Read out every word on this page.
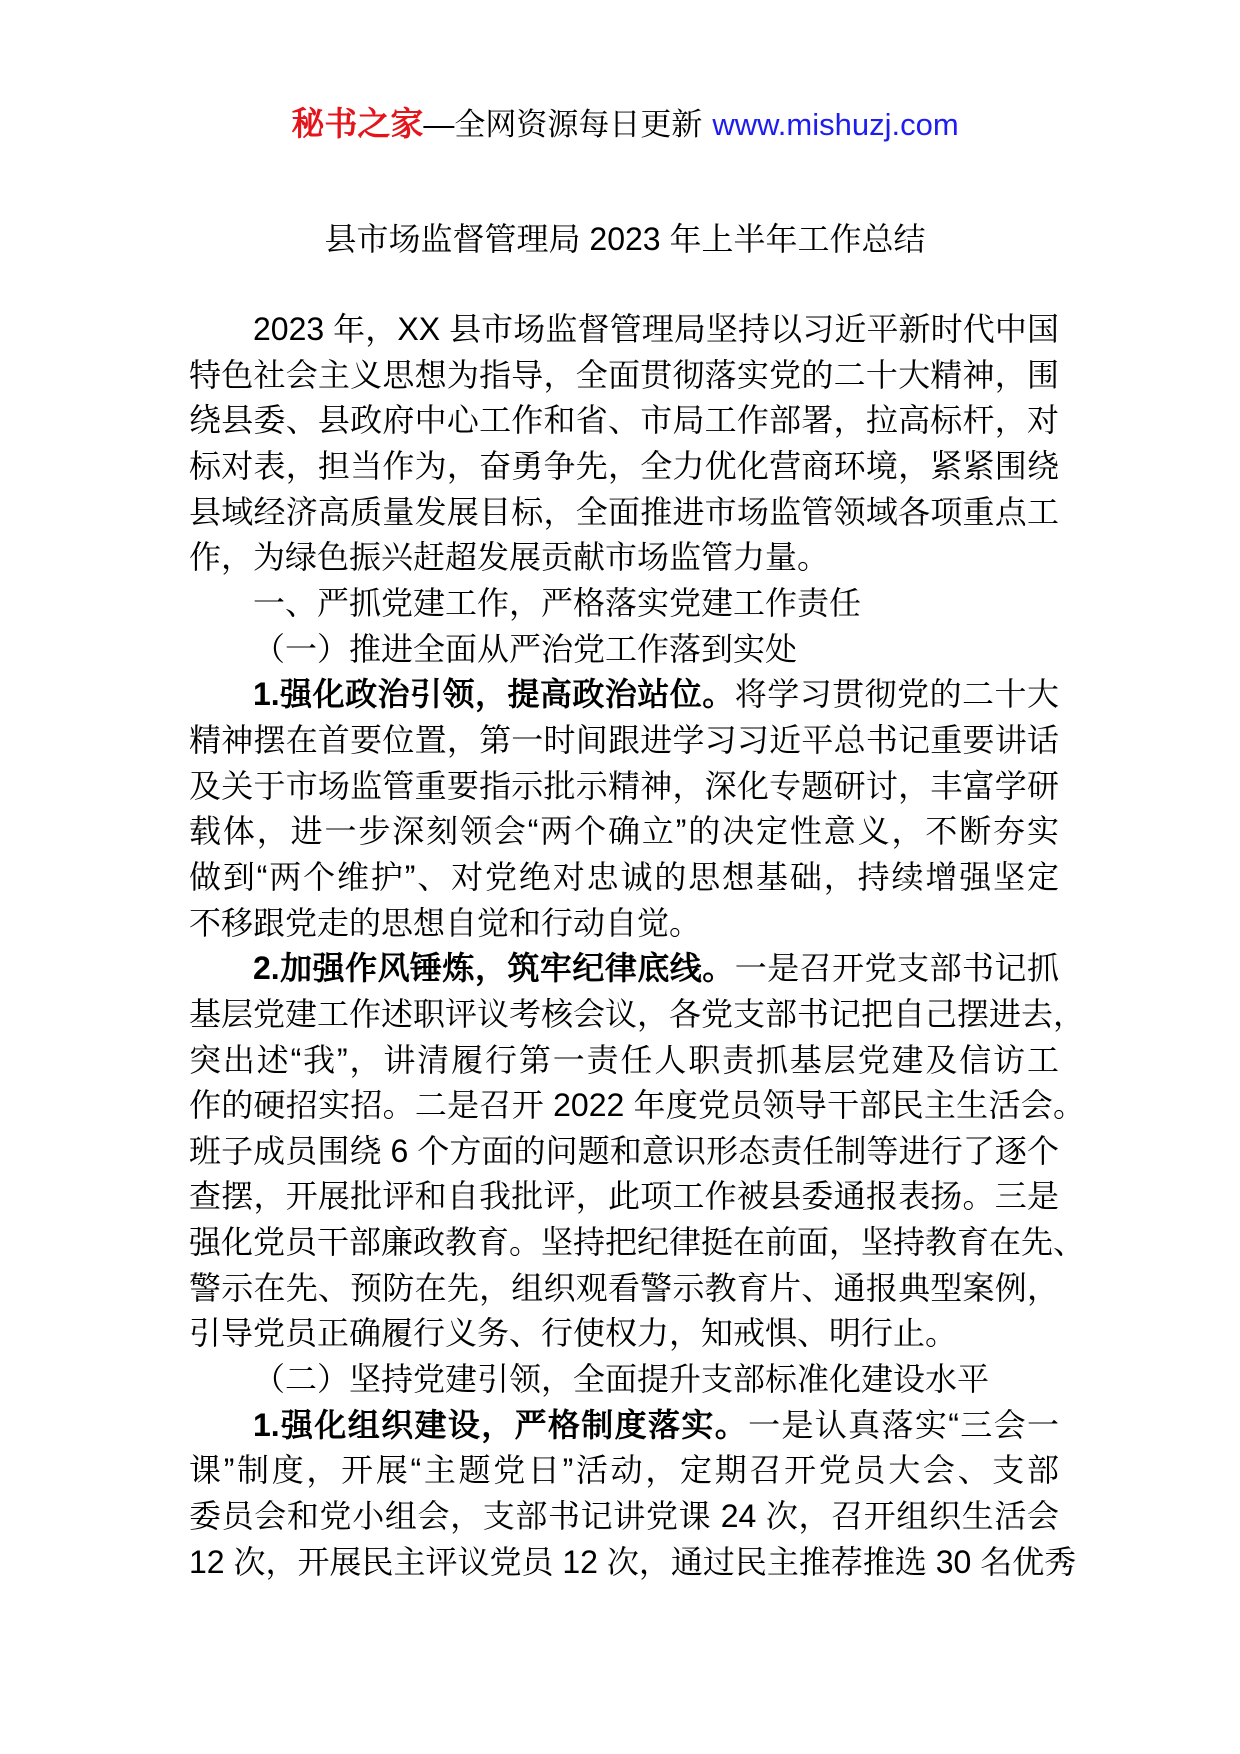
秘书之家—全网资源每日更新 www.mishuzj.com
县市场监督管理局 2023 年上半年工作总结
2023 年，XX 县市场监督管理局坚持以习近平新时代中国
特色社会主义思想为指导，全面贯彻落实党的二十大精神，围
绕县委、县政府中心工作和省、市局工作部署，拉高标杆，对
标对表，担当作为，奋勇争先，全力优化营商环境，紧紧围绕
县域经济高质量发展目标，全面推进市场监管领域各项重点工
作，为绿色振兴赶超发展贡献市场监管力量。
一、严抓党建工作，严格落实党建工作责任
（一）推进全面从严治党工作落到实处
1.强化政治引领，提高政治站位。将学习贯彻党的二十大
精神摆在首要位置，第一时间跟进学习习近平总书记重要讲话
及关于市场监管重要指示批示精神，深化专题研讨，丰富学研
载体，进一步深刻领会“两个确立”的决定性意义，不断夯实
做到“两个维护”、对党绝对忠诚的思想基础，持续增强坚定
不移跟党走的思想自觉和行动自觉。
2.加强作风锤炼，筑牢纪律底线。一是召开党支部书记抓
基层党建工作述职评议考核会议，各党支部书记把自己摆进去，
突出述“我”，讲清履行第一责任人职责抓基层党建及信访工
作的硬招实招。二是召开 2022 年度党员领导干部民主生活会。
班子成员围绕 6 个方面的问题和意识形态责任制等进行了逐个
查摆，开展批评和自我批评，此项工作被县委通报表扬。三是
强化党员干部廉政教育。坚持把纪律挺在前面，坚持教育在先、
警示在先、预防在先，组织观看警示教育片、通报典型案例，
引导党员正确履行义务、行使权力，知戒惧、明行止。
（二）坚持党建引领，全面提升支部标准化建设水平
1.强化组织建设，严格制度落实。一是认真落实“三会一
课”制度，开展“主题党日”活动，定期召开党员大会、支部
委员会和党小组会，支部书记讲党课 24 次，召开组织生活会
12 次，开展民主评议党员 12 次，通过民主推荐推选 30 名优秀
